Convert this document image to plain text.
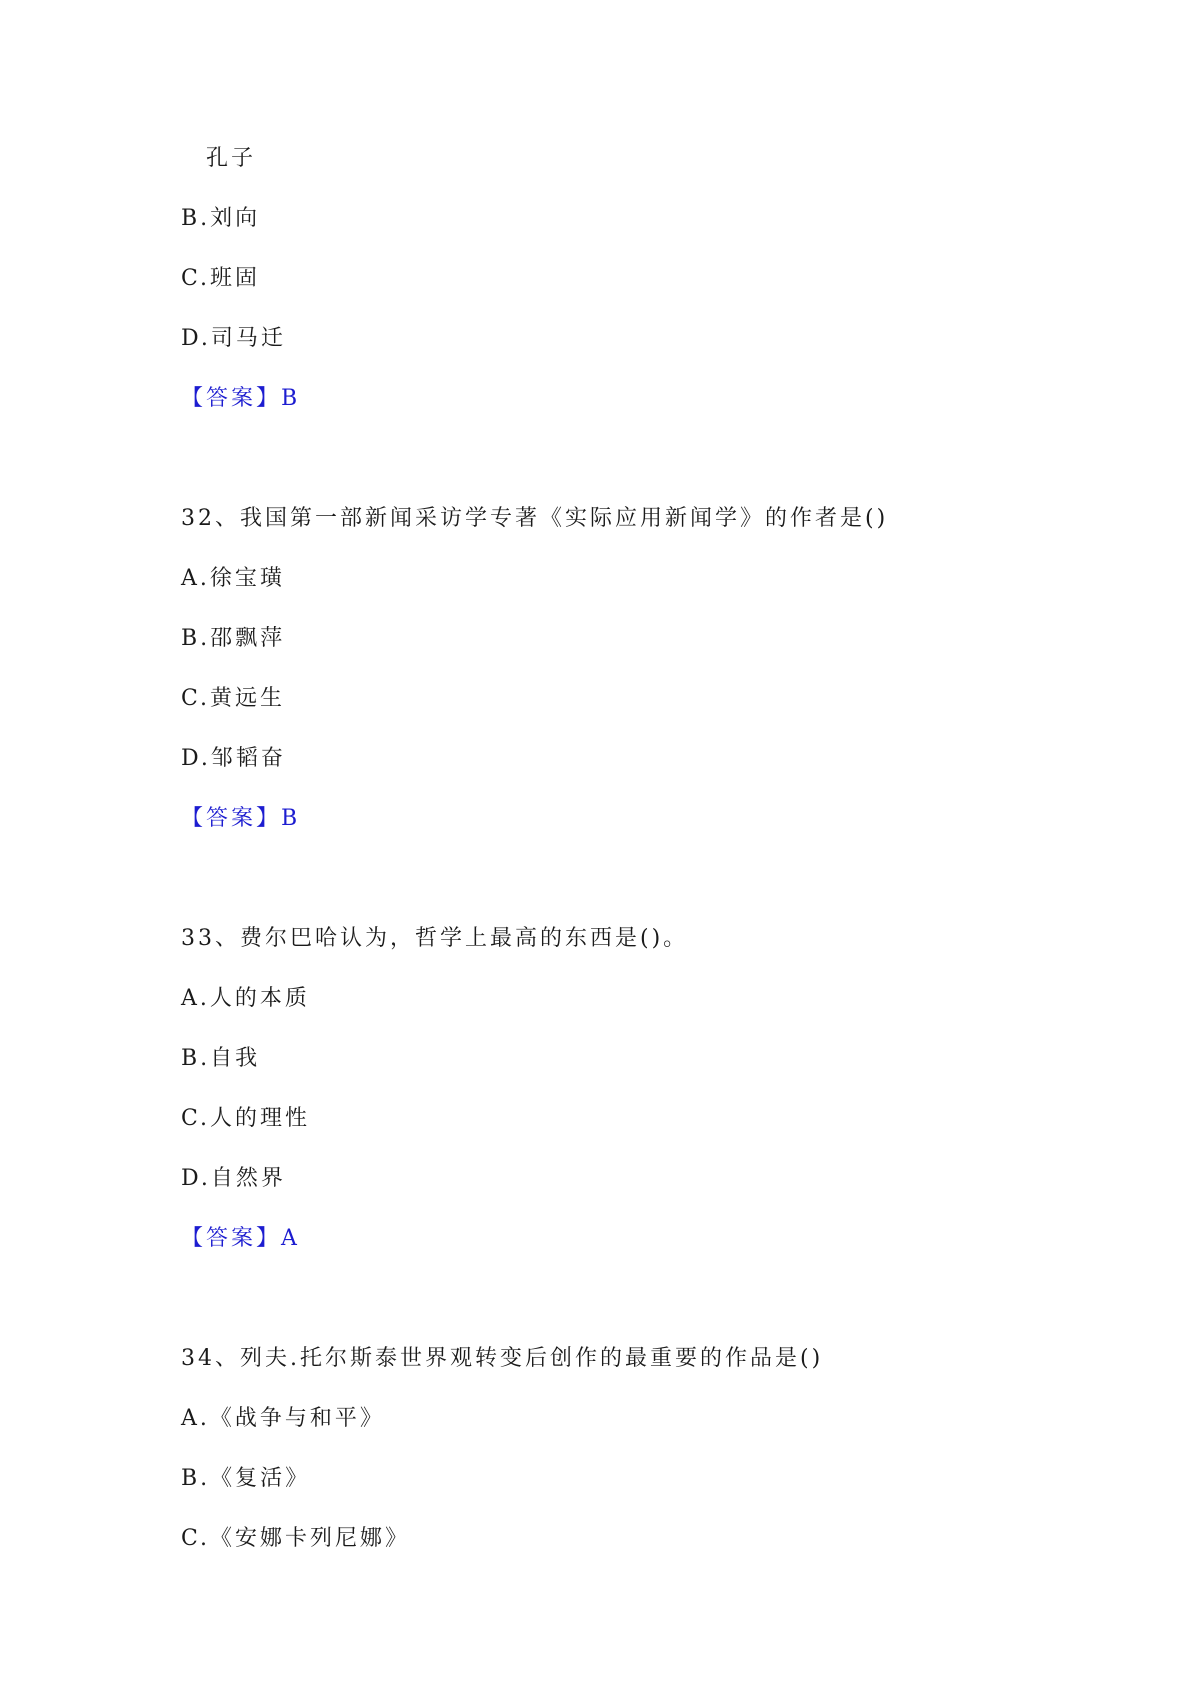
孔子
B.刘向
C.班固
D.司马迁
【答案】B
32、我国第一部新闻采访学专著《实际应用新闻学》的作者是()
A.徐宝璜
B.邵飘萍
C.黄远生
D.邹韬奋
【答案】B
33、费尔巴哈认为，哲学上最高的东西是()。
A.人的本质
B.自我
C.人的理性
D.自然界
【答案】A
34、列夫.托尔斯泰世界观转变后创作的最重要的作品是()
A.《战争与和平》
B.《复活》
C.《安娜卡列尼娜》
